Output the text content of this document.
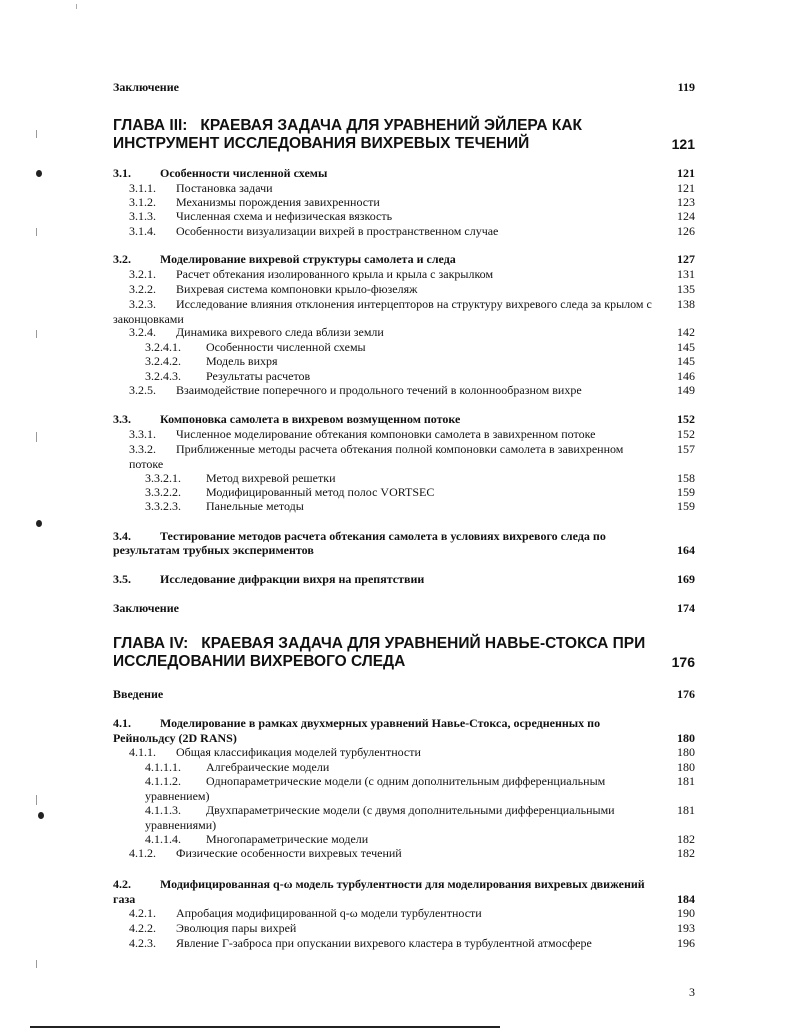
Заключение	119
ГЛАВА III:   КРАЕВАЯ ЗАДАЧА ДЛЯ УРАВНЕНИЙ ЭЙЛЕРА КАК
ИНСТРУМЕНТ ИССЛЕДОВАНИЯ ВИХРЕВЫХ ТЕЧЕНИЙ	121
3.1. Особенности численной схемы	121
3.1.1. Постановка задачи	121
3.1.2. Механизмы порождения завихренности	123
3.1.3. Численная схема и нефизическая вязкость	124
3.1.4. Особенности визуализации вихрей в пространственном случае	126
3.2. Моделирование вихревой структуры самолета и следа	127
3.2.1. Расчет обтекания изолированного крыла и крыла с закрылком	131
3.2.2. Вихревая система компоновки крыло-фюзеляж	135
3.2.3. Исследование влияния отклонения интерцепторов на структуру вихревого следа за крылом с 138
законцовками
3.2.4. Динамика вихревого следа вблизи земли	142
3.2.4.1. Особенности численной схемы	145
3.2.4.2. Модель вихря	145
3.2.4.3. Результаты расчетов	146
3.2.5. Взаимодействие поперечного и продольного течений в колоннообразном вихре	149
3.3. Компоновка самолета в вихревом возмущенном потоке	152
3.3.1. Численное моделирование обтекания компоновки самолета в завихренном потоке	152
3.3.2. Приближенные методы расчета обтекания полной компоновки самолета в завихренном	157
потоке
3.3.2.1. Метод вихревой решетки	158
3.3.2.2. Модифицированный метод полос VORTSEC	159
3.3.2.3. Панельные методы	159
3.4. Тестирование методов расчета обтекания самолета в условиях вихревого следа по
результатам трубных экспериментов	164
3.5. Исследование дифракции вихря на препятствии	169
Заключение	174
ГЛАВА IV:   КРАЕВАЯ ЗАДАЧА ДЛЯ УРАВНЕНИЙ НАВЬЕ-СТОКСА ПРИ
ИССЛЕДОВАНИИ ВИХРЕВОГО СЛЕДА	176
Введение	176
4.1. Моделирование в рамках двухмерных уравнений Навье-Стокса, осредненных по
Рейнольдсу (2D RANS)	180
4.1.1. Общая классификация моделей турбулентности	180
4.1.1.1. Алгебраические модели	180
4.1.1.2. Однопараметрические модели (с одним дополнительным дифференциальным	181
уравнением)
4.1.1.3. Двухпараметрические модели (с двумя дополнительными дифференциальными	181
уравнениями)
4.1.1.4. Многопараметрические модели	182
4.1.2. Физические особенности вихревых течений	182
4.2. Модифицированная q-ω модель турбулентности для моделирования вихревых движений
газа	184
4.2.1. Апробация модифицированной q-ω модели турбулентности	190
4.2.2. Эволюция пары вихрей	193
4.2.3. Явление Г-заброса при опускании вихревого кластера в турбулентной атмосфере	196
3
